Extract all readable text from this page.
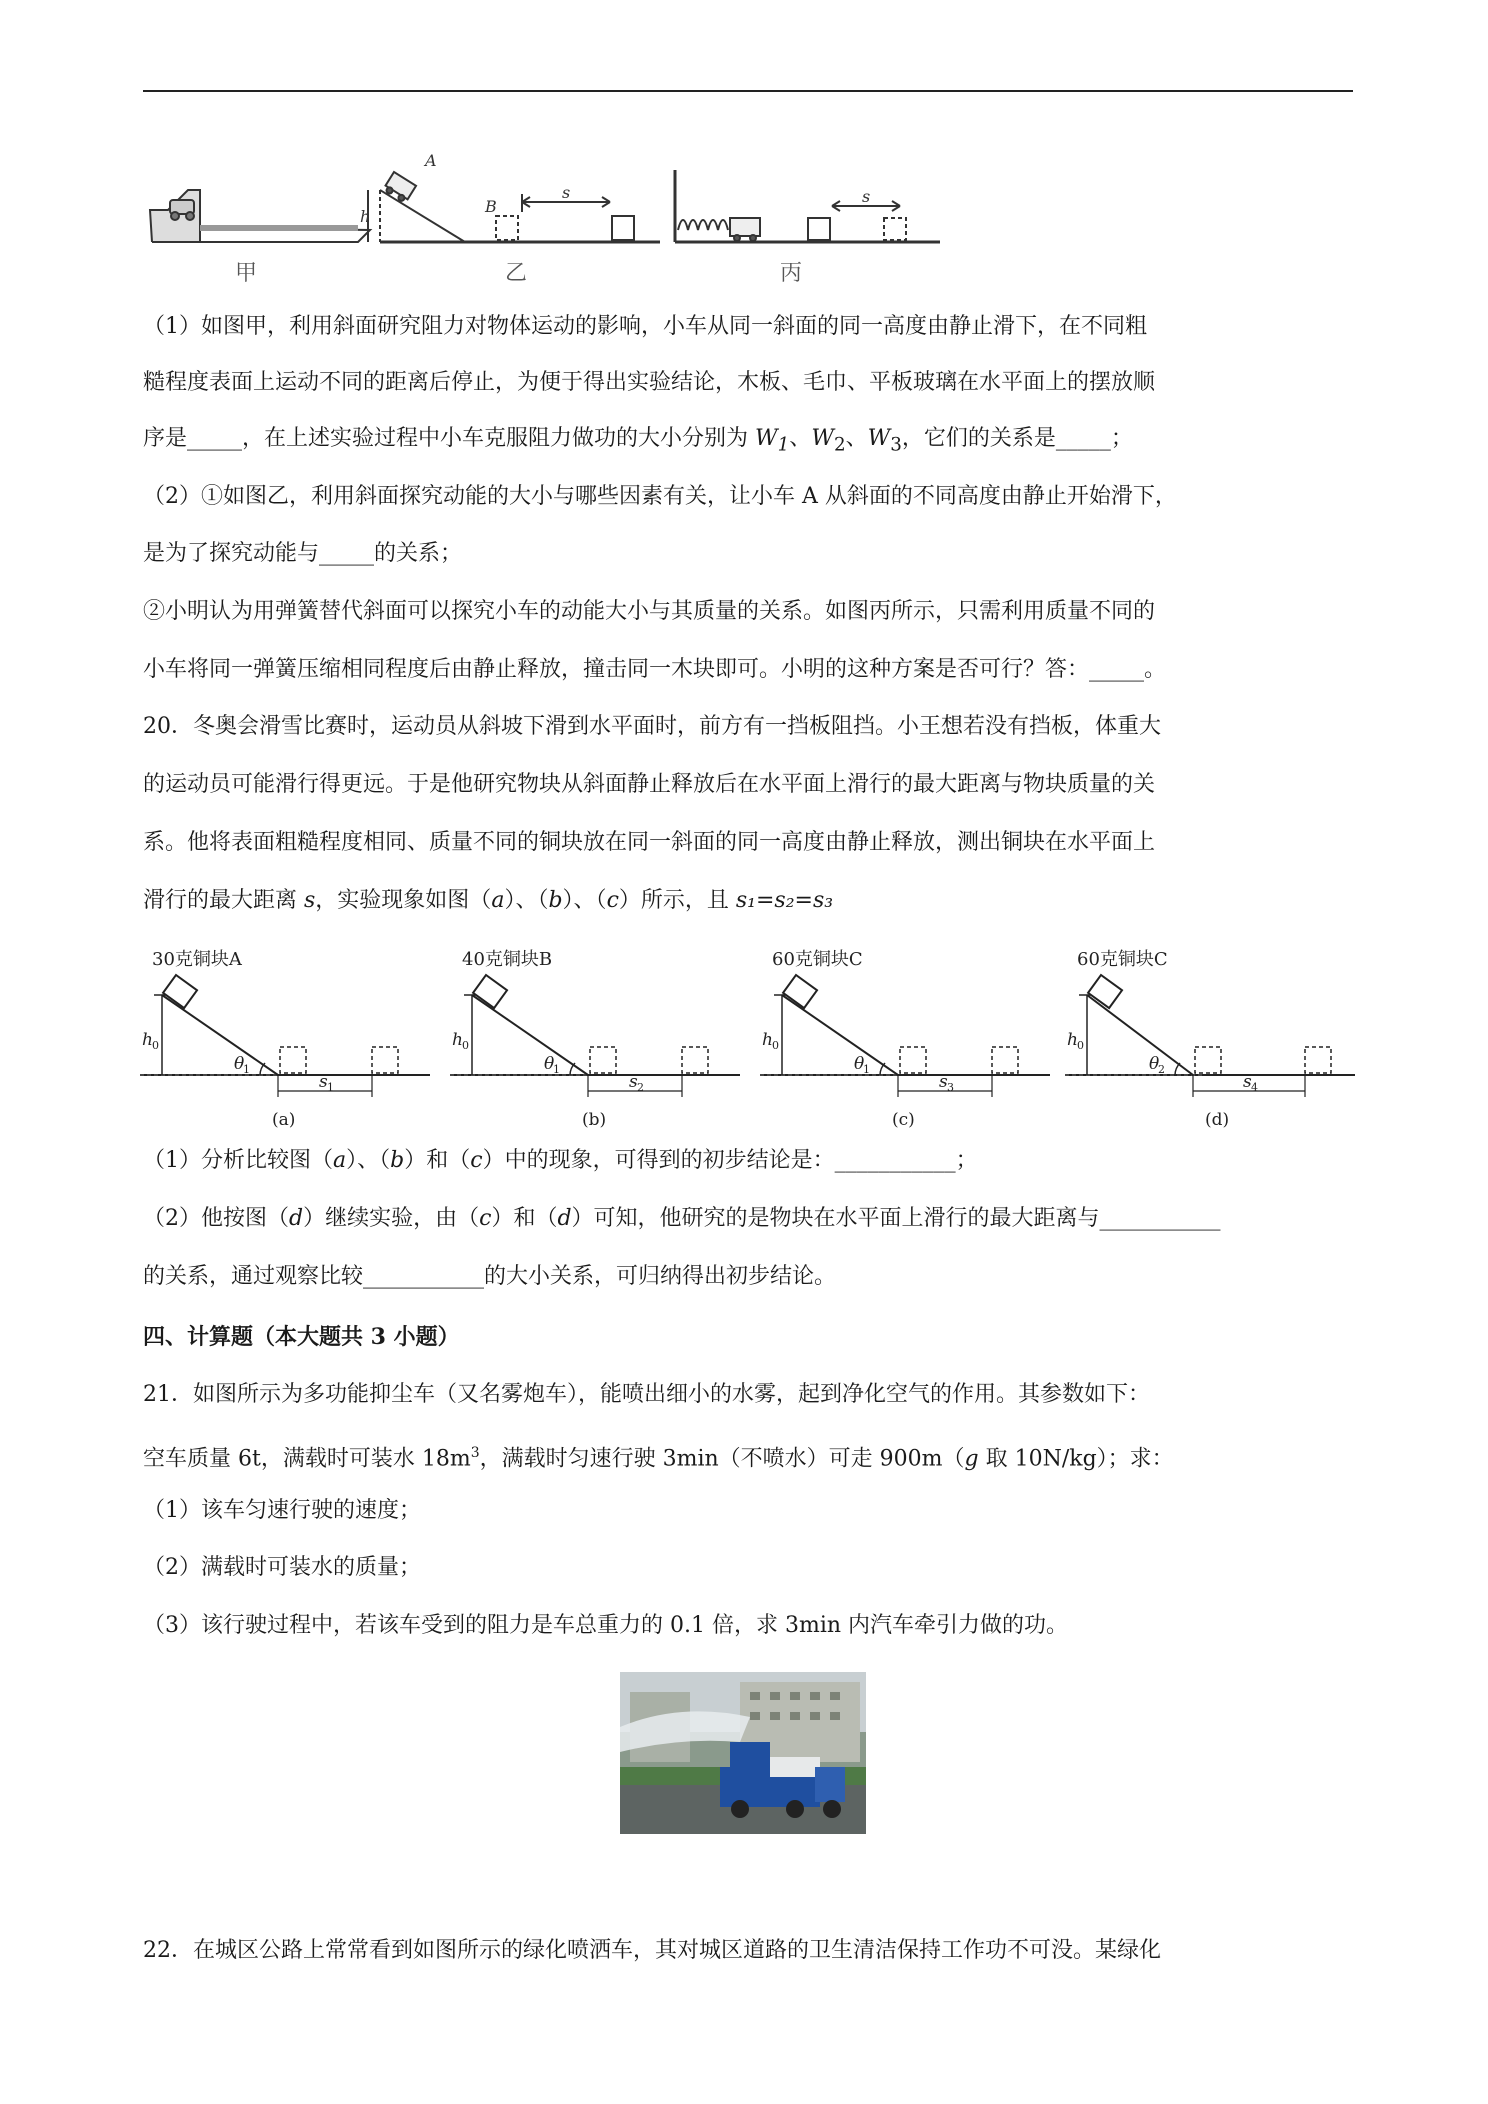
A
h
B
s	s
甲	乙	丙
（1）如图甲，利用斜面研究阻力对物体运动的影响，小车从同一斜面的同一高度由静止滑下，在不同粗
糙程度表面上运动不同的距离后停止，为便于得出实验结论，木板、毛巾、平板玻璃在水平面上的摆放顺
序是_____，在上述实验过程中小车克服阻力做功的大小分别为 $W_1$、$W_2$、$W_3$，它们的关系是_____；
（2）①如图乙，利用斜面探究动能的大小与哪些因素有关，让小车 A 从斜面的不同高度由静止开始滑下，
是为了探究动能与_____的关系；
②小明认为用弹簧替代斜面可以探究小车的动能大小与其质量的关系。如图丙所示，只需利用质量不同的
小车将同一弹簧压缩相同程度后由静止释放，撞击同一木块即可。小明的这种方案是否可行？答：_____。
20．冬奥会滑雪比赛时，运动员从斜坡下滑到水平面时，前方有一挡板阻挡。小王想若没有挡板，体重大
的运动员可能滑行得更远。于是他研究物块从斜面静止释放后在水平面上滑行的最大距离与物块质量的关
系。他将表面粗糙程度相同、质量不同的铜块放在同一斜面的同一高度由静止释放，测出铜块在水平面上
滑行的最大距离 s，实验现象如图（a）、（b）、（c）所示，且 s₁=s₂=s₃
30克铜块A
h 0
θ
1
s 1
(a)
40克铜块B
h 0
θ
1
s 2
(b)
60克铜块C
h 0
θ
1
s 3
(c)
60克铜块C
h 0
θ
2
s 4
(d)
（1）分析比较图（a）、（b）和（c）中的现象，可得到的初步结论是：___________；
（2）他按图（d）继续实验，由（c）和（d）可知，他研究的是物块在水平面上滑行的最大距离与___________
的关系，通过观察比较___________的大小关系，可归纳得出初步结论。
四、计算题（本大题共 3 小题）
21．如图所示为多功能抑尘车（又名雾炮车），能喷出细小的水雾，起到净化空气的作用。其参数如下：
空车质量 6t，满载时可装水 $18m^3$，满载时匀速行驶 3min（不喷水）可走 900m（g 取 10N/kg）；求：
（1）该车匀速行驶的速度；
（2）满载时可装水的质量；
（3）该行驶过程中，若该车受到的阻力是车总重力的 0.1 倍，求 3min 内汽车牵引力做的功。
22．在城区公路上常常看到如图所示的绿化喷洒车，其对城区道路的卫生清洁保持工作功不可没。某绿化
